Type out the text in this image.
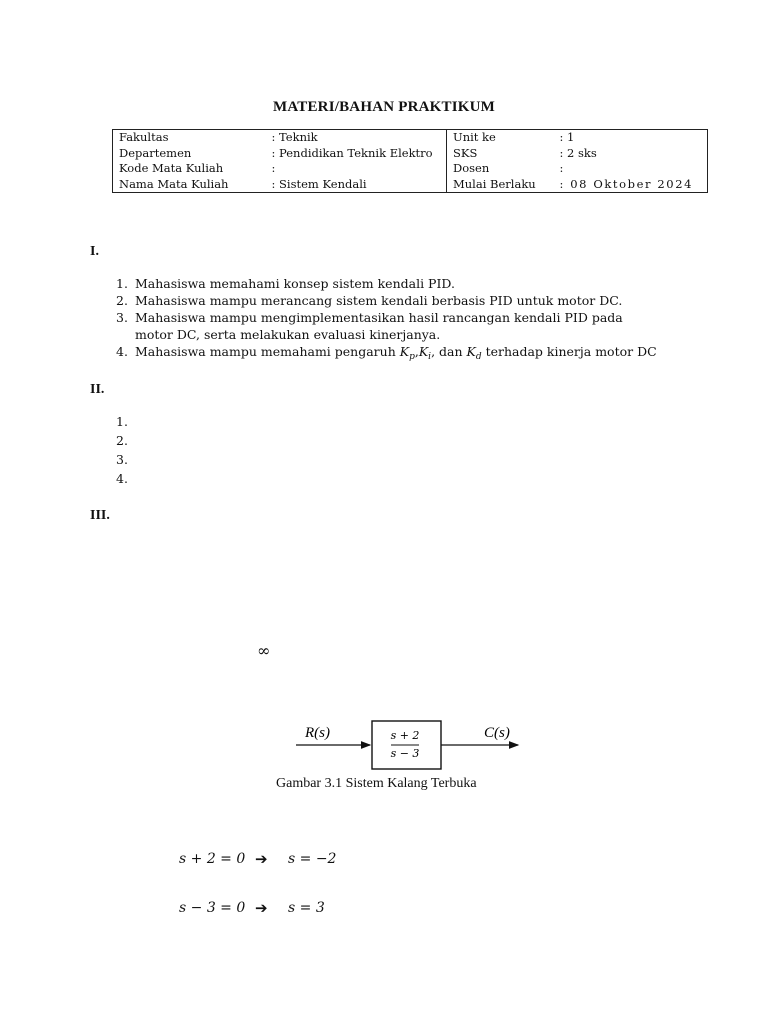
MATERI/BAHAN PRAKTIKUM
Fakultas	: Teknik	Unit ke	: 1
Departemen	: Pendidikan Teknik Elektro	SKS	: 2 sks
Kode Mata Kuliah	:	Dosen	:
Nama Mata Kuliah	: Sistem Kendali	Mulai Berlaku	: 08 Oktober 2024
I.
1. Mahasiswa memahami konsep sistem kendali PID.
2. Mahasiswa mampu merancang sistem kendali berbasis PID untuk motor DC.
3. Mahasiswa mampu mengimplementasikan hasil rancangan kendali PID pada
motor DC, serta melakukan evaluasi kinerjanya.
4. Mahasiswa mampu memahami pengaruh $K_p,K_i$, dan $K_d$ terhadap kinerja motor DC
II.
1.
2.
3.
4.
III.
∞
s + 2
s − 3
R(s)	C(s)
Gambar 3.1 Sistem Kalang Terbuka
s + 2 = 0 ➔ s = −2
s − 3 = 0 ➔ s = 3
